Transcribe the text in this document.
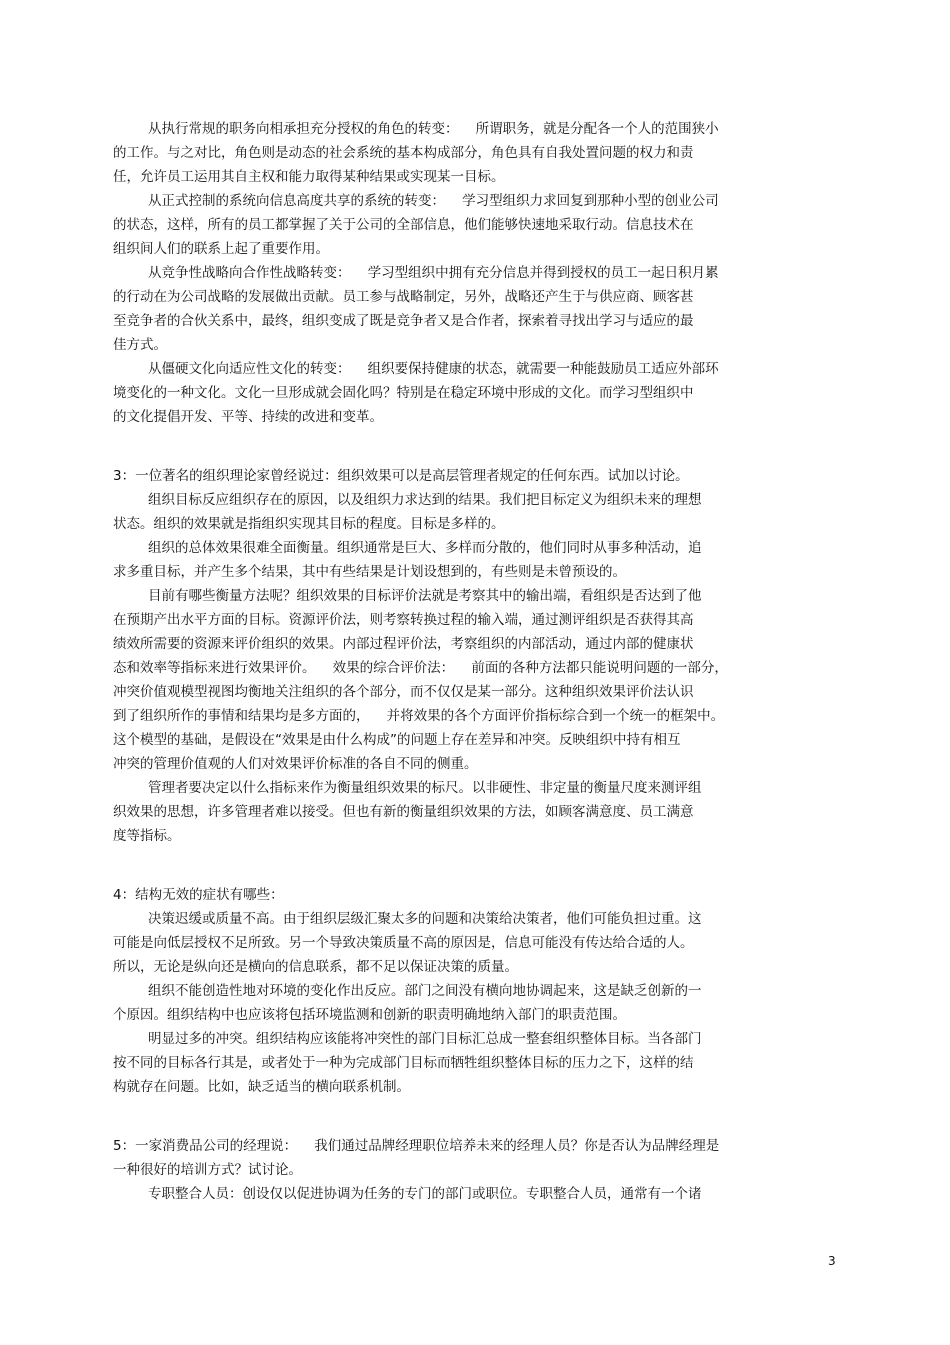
从执行常规的职务向相承担充分授权的角色的转变：    所谓职务，就是分配各一个人的范围狭小
的工作。与之对比，角色则是动态的社会系统的基本构成部分，角色具有自我处置问题的权力和责
任，允许员工运用其自主权和能力取得某种结果或实现某一目标。
从正式控制的系统向信息高度共享的系统的转变：    学习型组织力求回复到那种小型的创业公司
的状态，这样，所有的员工都掌握了关于公司的全部信息，他们能够快速地采取行动。信息技术在
组织间人们的联系上起了重要作用。
从竞争性战略向合作性战略转变：    学习型组织中拥有充分信息并得到授权的员工一起日积月累
的行动在为公司战略的发展做出贡献。员工参与战略制定，另外，战略还产生于与供应商、顾客甚
至竞争者的合伙关系中，最终，组织变成了既是竞争者又是合作者，探索着寻找出学习与适应的最
佳方式。
从僵硬文化向适应性文化的转变：    组织要保持健康的状态，就需要一种能鼓励员工适应外部环
境变化的一种文化。文化一旦形成就会固化吗？特别是在稳定环境中形成的文化。而学习型组织中
的文化提倡开发、平等、持续的改进和变革。
3：一位著名的组织理论家曾经说过：组织效果可以是高层管理者规定的任何东西。试加以讨论。
组织目标反应组织存在的原因，以及组织力求达到的结果。我们把目标定义为组织未来的理想
状态。组织的效果就是指组织实现其目标的程度。目标是多样的。
组织的总体效果很难全面衡量。组织通常是巨大、多样而分散的，他们同时从事多种活动，追
求多重目标，并产生多个结果，其中有些结果是计划设想到的，有些则是未曾预设的。
目前有哪些衡量方法呢？组织效果的目标评价法就是考察其中的输出端，看组织是否达到了他
在预期产出水平方面的目标。资源评价法，则考察转换过程的输入端，通过测评组织是否获得其高
绩效所需要的资源来评价组织的效果。内部过程评价法，考察组织的内部活动，通过内部的健康状
态和效率等指标来进行效果评价。    效果的综合评价法：    前面的各种方法都只能说明问题的一部分，
冲突价值观模型视图均衡地关注组织的各个部分，而不仅仅是某一部分。这种组织效果评价法认识
到了组织所作的事情和结果均是多方面的，    并将效果的各个方面评价指标综合到一个统一的框架中。
这个模型的基础，是假设在“效果是由什么构成”的问题上存在差异和冲突。反映组织中持有相互
冲突的管理价值观的人们对效果评价标准的各自不同的侧重。
管理者要决定以什么指标来作为衡量组织效果的标尺。以非硬性、非定量的衡量尺度来测评组
织效果的思想，许多管理者难以接受。但也有新的衡量组织效果的方法，如顾客满意度、员工满意
度等指标。
4：结构无效的症状有哪些：
决策迟缓或质量不高。由于组织层级汇聚太多的问题和决策给决策者，他们可能负担过重。这
可能是向低层授权不足所致。另一个导致决策质量不高的原因是，信息可能没有传达给合适的人。
所以，无论是纵向还是横向的信息联系，都不足以保证决策的质量。
组织不能创造性地对环境的变化作出反应。部门之间没有横向地协调起来，这是缺乏创新的一
个原因。组织结构中也应该将包括环境监测和创新的职责明确地纳入部门的职责范围。
明显过多的冲突。组织结构应该能将冲突性的部门目标汇总成一整套组织整体目标。当各部门
按不同的目标各行其是，或者处于一种为完成部门目标而牺牲组织整体目标的压力之下，这样的结
构就存在问题。比如，缺乏适当的横向联系机制。
5：一家消费品公司的经理说：    我们通过品牌经理职位培养未来的经理人员？你是否认为品牌经理是
一种很好的培训方式？试讨论。
专职整合人员：创设仅以促进协调为任务的专门的部门或职位。专职整合人员，通常有一个诸
3
